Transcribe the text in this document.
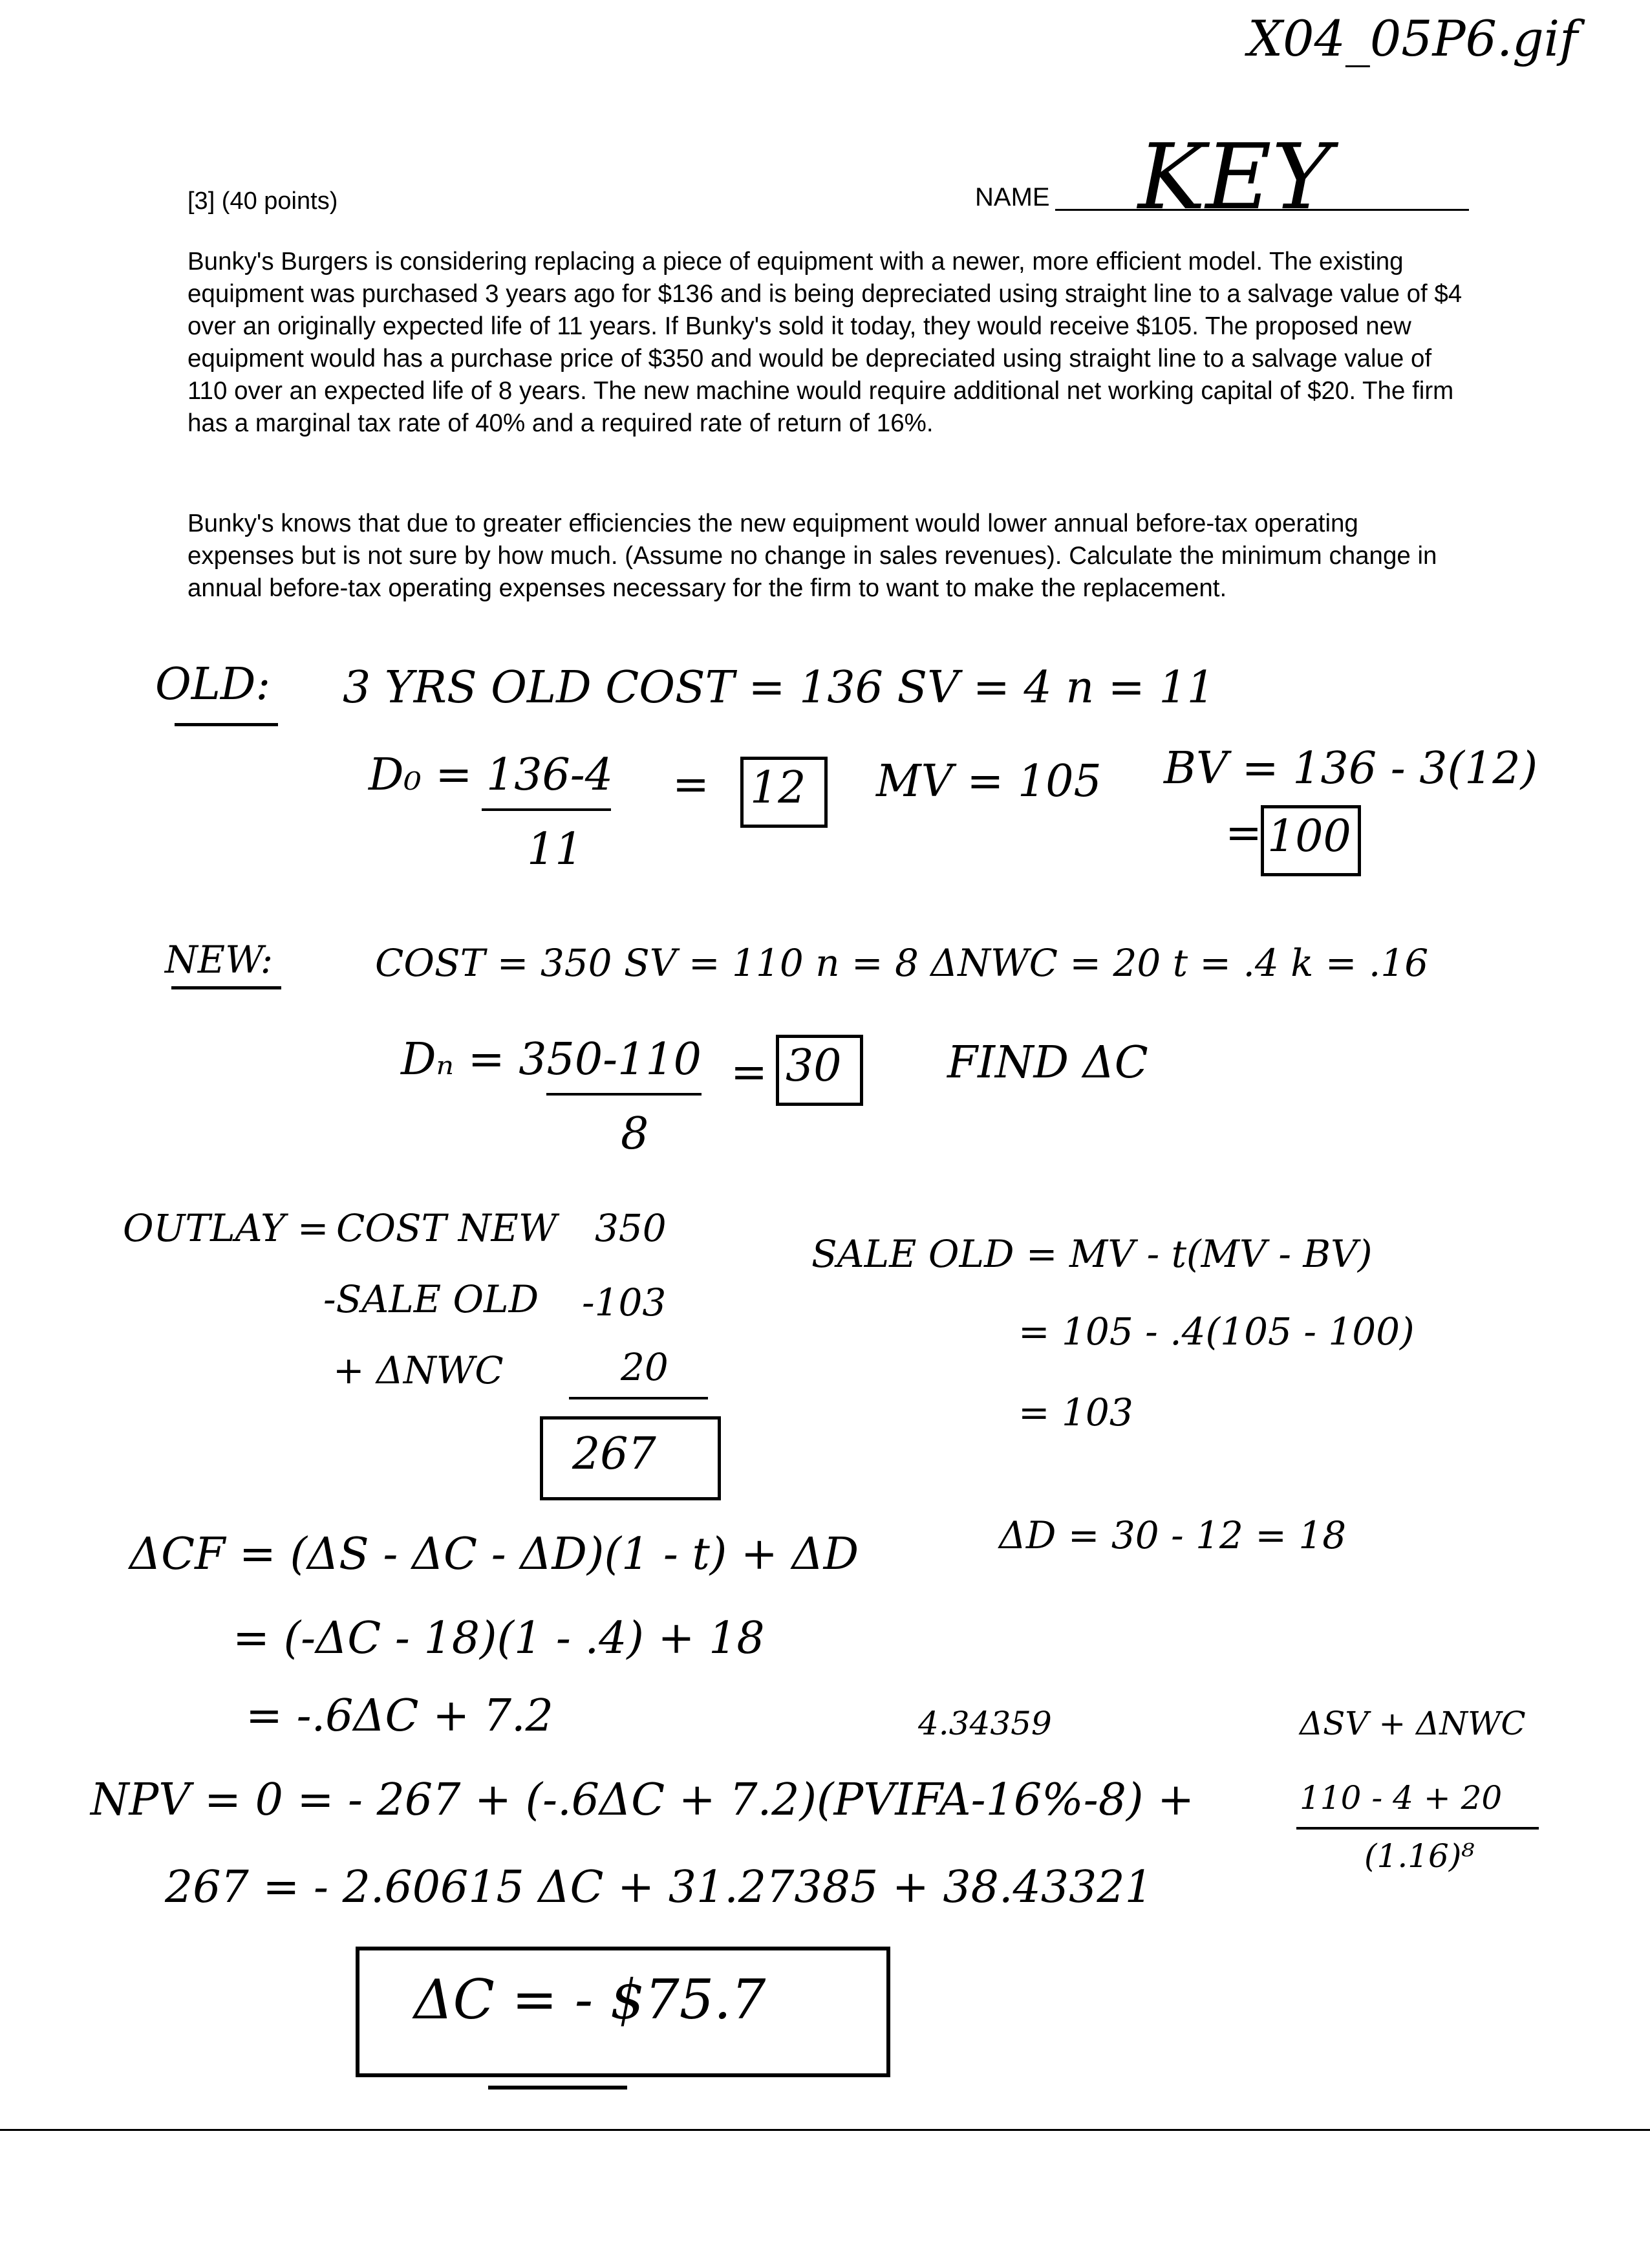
X04_05P6.gif
[3] (40 points)	NAME KEY

Bunky's Burgers is considering replacing a piece of equipment with a newer, more efficient model. The existing equipment was purchased 3 years ago for $136 and is being depreciated using straight line to a salvage value of $4 over an originally expected life of 11 years. If Bunky's sold it today, they would receive $105. The proposed new equipment would has a purchase price of $350 and would be depreciated using straight line to a salvage value of 110 over an expected life of 8 years. The new machine would require additional net working capital of $20. The firm has a marginal tax rate of 40% and a required rate of return of 16%.

Bunky's knows that due to greater efficiencies the new equipment would lower annual before-tax operating expenses but is not sure by how much. (Assume no change in sales revenues). Calculate the minimum change in annual before-tax operating expenses necessary for the firm to want to make the replacement.

OLD: 3 YRS OLD COST = 136 SV = 4 n = 11
D₀ = 136-4
11
= 12 MV = 105 BV = 136 - 3(12)
= 100
NEW:	COST = 350 SV = 110 n = 8 ΔNWC = 20 t = .4 k = .16
Dₙ = 350-110
8
= 30 FIND ΔC
OUTLAY = COST NEW 350
-SALE OLD -103
+ ΔNWC	20
267
SALE OLD = MV - t(MV - BV)
= 105 - .4(105 - 100)
= 103
ΔCF = (ΔS - ΔC - ΔD)(1 - t) + ΔD	ΔD = 30 - 12 = 18
= (-ΔC - 18)(1 - .4) + 18
= -.6ΔC + 7.2	4.34359	ΔSV + ΔNWC
NPV = 0 = - 267 + (-.6ΔC + 7.2)(PVIFA-16%-8) +	110 - 4 + 20
(1.16)⁸
267 = - 2.60615 ΔC + 31.27385 + 38.43321
ΔC = - $75.7
